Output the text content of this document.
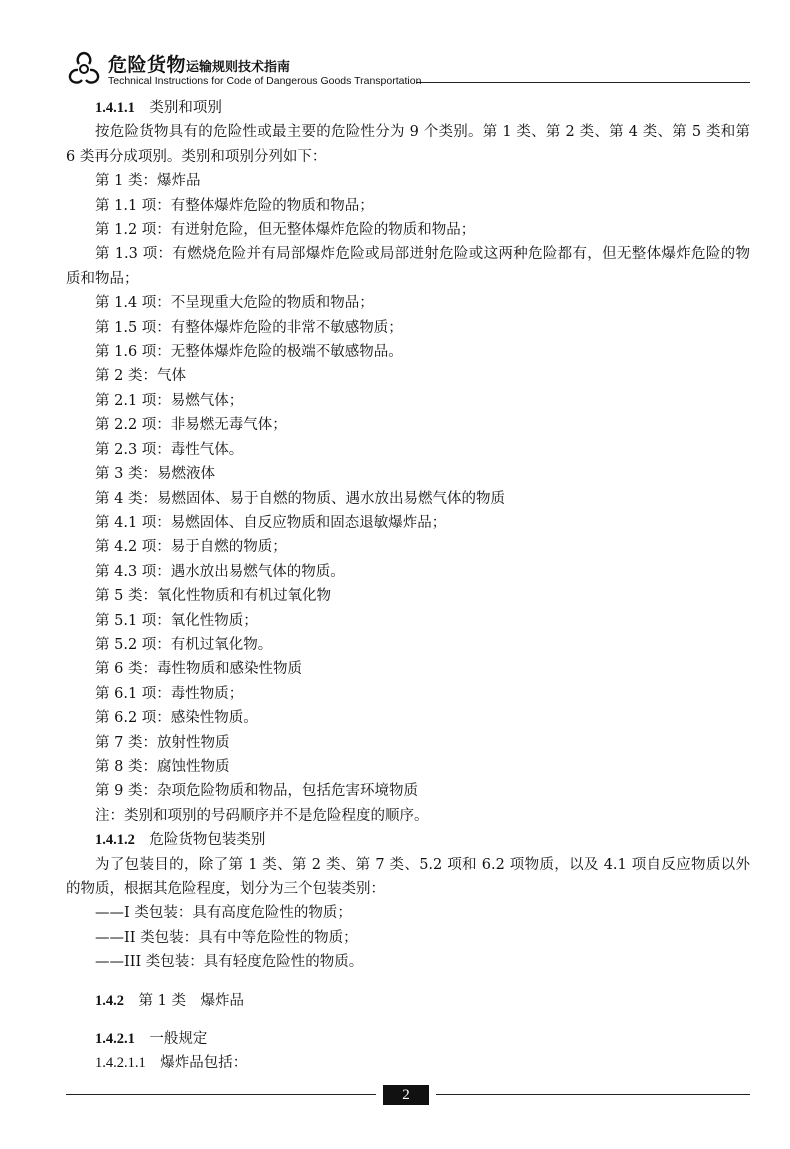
危险货物运输规则技术指南
Technical Instructions for Code of Dangerous Goods Transportation
1.4.1.1　 类别和项别
按危险货物具有的危险性或最主要的危险性分为 9 个类别。第 1 类、第 2 类、第 4 类、第 5 类和第 6 类再分成项别。类别和项别分列如下：
第 1 类：爆炸品
第 1.1 项：有整体爆炸危险的物质和物品；
第 1.2 项：有迸射危险，但无整体爆炸危险的物质和物品；
第 1.3 项：有燃烧危险并有局部爆炸危险或局部迸射危险或这两种危险都有，但无整体爆炸危险的物质和物品；
第 1.4 项：不呈现重大危险的物质和物品；
第 1.5 项：有整体爆炸危险的非常不敏感物质；
第 1.6 项：无整体爆炸危险的极端不敏感物品。
第 2 类：气体
第 2.1 项：易燃气体；
第 2.2 项：非易燃无毒气体；
第 2.3 项：毒性气体。
第 3 类：易燃液体
第 4 类：易燃固体、易于自燃的物质、遇水放出易燃气体的物质
第 4.1 项：易燃固体、自反应物质和固态退敏爆炸品；
第 4.2 项：易于自燃的物质；
第 4.3 项：遇水放出易燃气体的物质。
第 5 类：氧化性物质和有机过氧化物
第 5.1 项：氧化性物质；
第 5.2 项：有机过氧化物。
第 6 类：毒性物质和感染性物质
第 6.1 项：毒性物质；
第 6.2 项：感染性物质。
第 7 类：放射性物质
第 8 类：腐蚀性物质
第 9 类：杂项危险物质和物品，包括危害环境物质
注：类别和项别的号码顺序并不是危险程度的顺序。
1.4.1.2　 危险货物包装类别
为了包装目的，除了第 1 类、第 2 类、第 7 类、5.2 项和 6.2 项物质，以及 4.1 项自反应物质以外的物质，根据其危险程度，划分为三个包装类别：
——I 类包装：具有高度危险性的物质；
——II 类包装：具有中等危险性的物质；
——III 类包装：具有轻度危险性的物质。
1.4.2　 第 1 类　爆炸品
1.4.2.1　 一般规定
1.4.2.1.1　 爆炸品包括：
2
